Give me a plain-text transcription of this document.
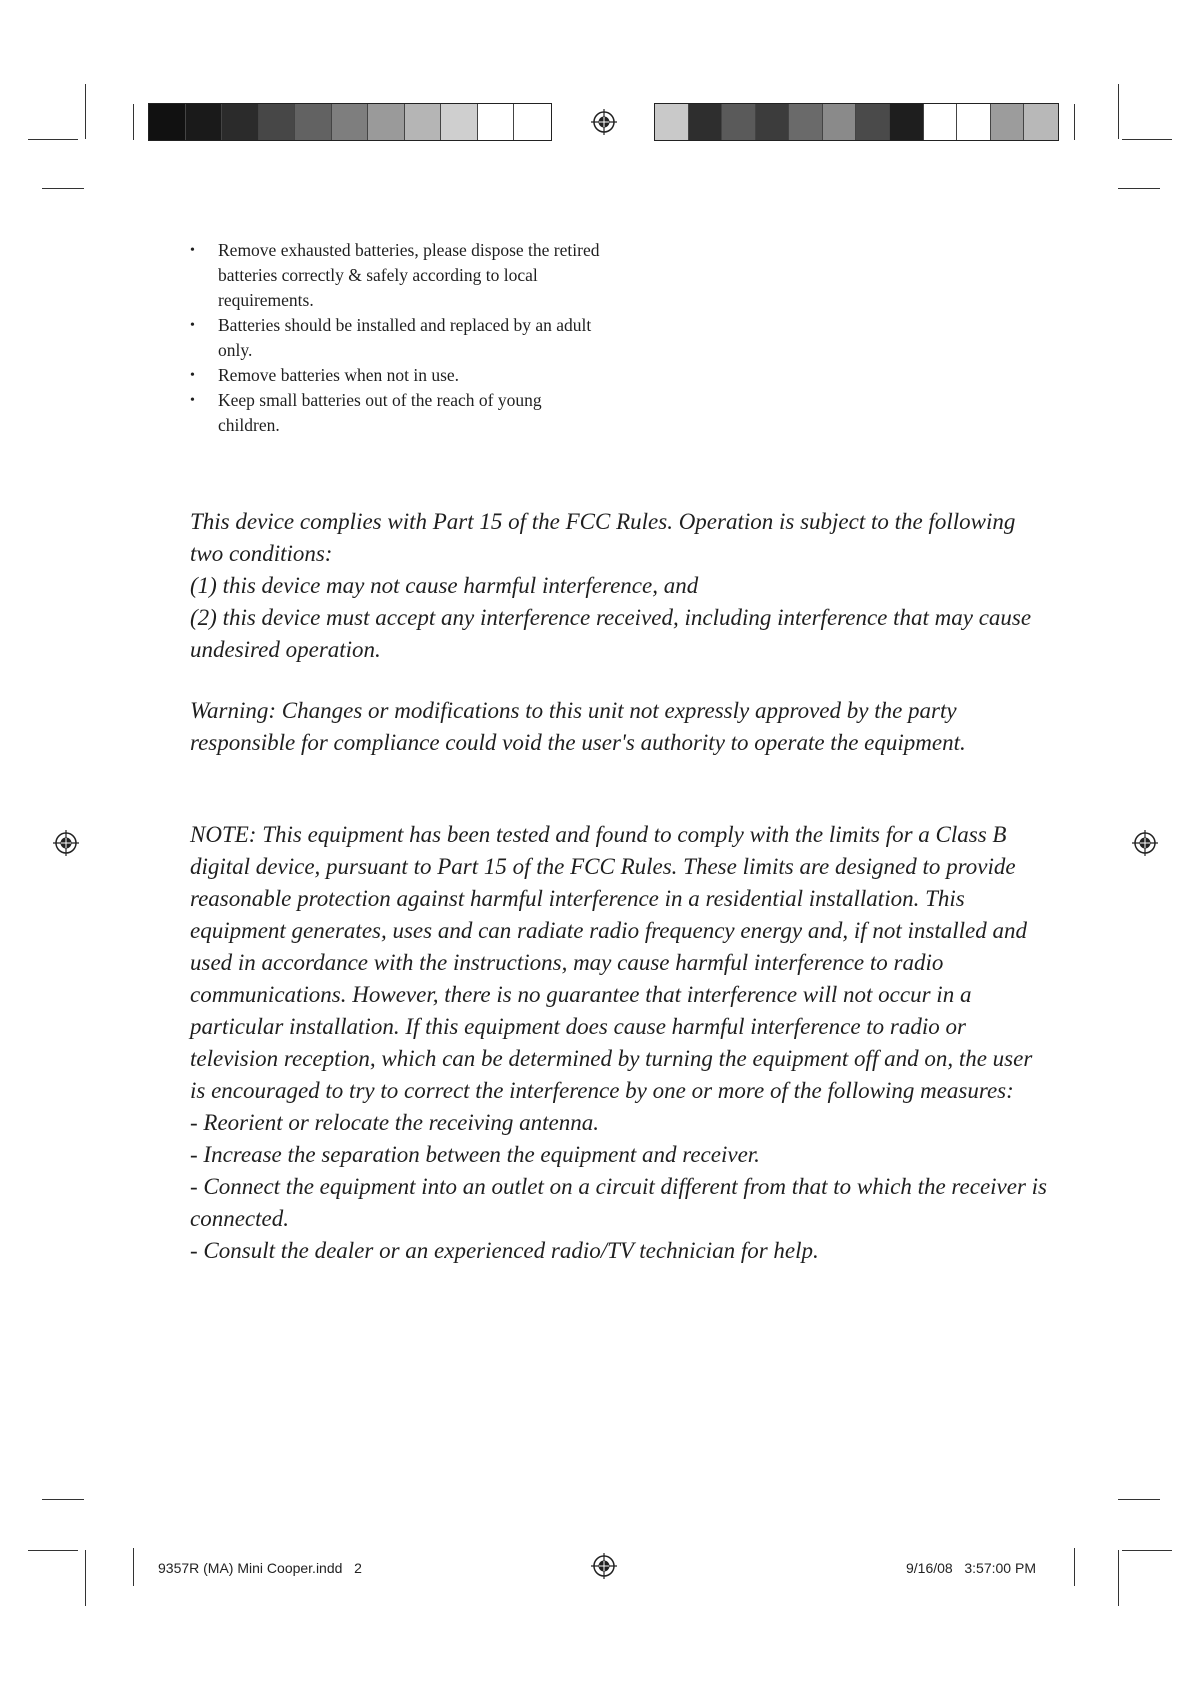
• Remove exhausted batteries, please dispose the retired batteries correctly & safely according to local requirements.
• Batteries should be installed and replaced by an adult only.
• Remove batteries when not in use.
• Keep small batteries out of the reach of young children.

This device complies with Part 15 of the FCC Rules. Operation is subject to the following two conditions:

(1) this device may not cause harmful interference, and

(2) this device must accept any interference received, including interference that may cause undesired operation.

Warning: Changes or modifications to this unit not expressly approved by the party responsible for compliance could void the user's authority to operate the equipment.

NOTE: This equipment has been tested and found to comply with the limits for a Class B digital device, pursuant to Part 15 of the FCC Rules. These limits are designed to provide reasonable protection against harmful interference in a residential installation. This equipment generates, uses and can radiate radio frequency energy and, if not installed and used in accordance with the instructions, may cause harmful interference to radio communications. However, there is no guarantee that interference will not occur in a particular installation. If this equipment does cause harmful interference to radio or television reception, which can be determined by turning the equipment off and on, the user is encouraged to try to correct the interference by one or more of the following measures:

- Reorient or relocate the receiving antenna.

- Increase the separation between the equipment and receiver.

- Connect the equipment into an outlet on a circuit different from that to which the receiver is connected.

- Consult the dealer or an experienced radio/TV technician for help.

9357R (MA) Mini Cooper.indd   2	9/16/08   3:57:00 PM
